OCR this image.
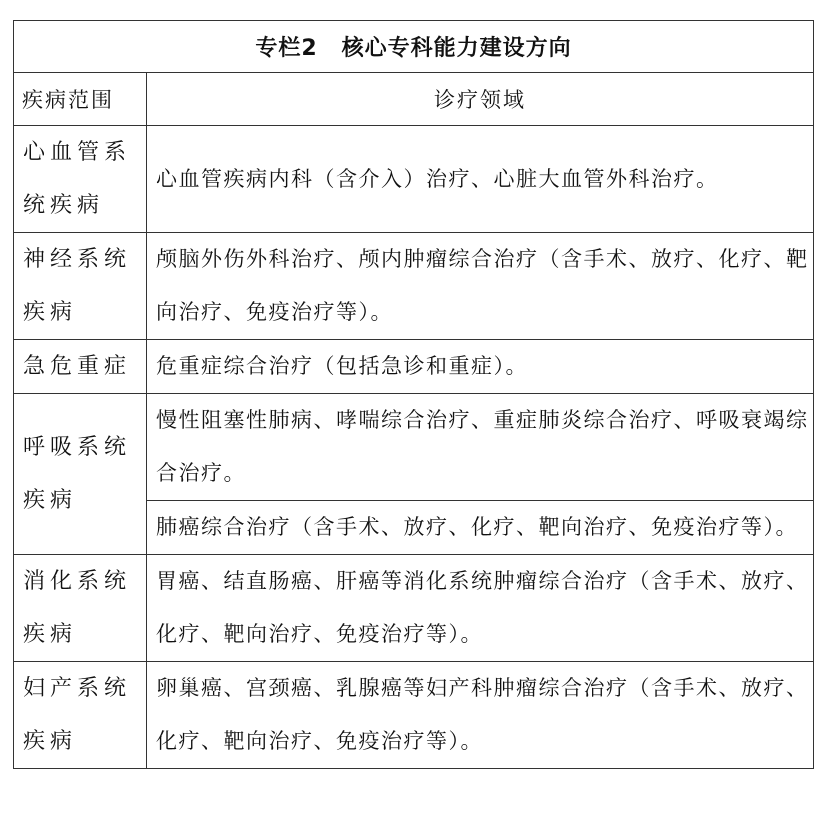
专栏2 核心专科能力建设方向	
疾病范围	诊疗领域
心血管系统疾病	心血管疾病内科（含介入）治疗、心脏大血管外科治疗。
神经系统疾病	颅脑外伤外科治疗、颅内肿瘤综合治疗（含手术、放疗、化疗、靶向治疗、免疫治疗等）。
急危重症	危重症综合治疗（包括急诊和重症）。
呼吸系统疾病	慢性阻塞性肺病、哮喘综合治疗、重症肺炎综合治疗、呼吸衰竭综合治疗。
	肺癌综合治疗（含手术、放疗、化疗、靶向治疗、免疫治疗等）。
消化系统疾病	胃癌、结直肠癌、肝癌等消化系统肿瘤综合治疗（含手术、放疗、化疗、靶向治疗、免疫治疗等）。
妇产系统疾病	卵巢癌、宫颈癌、乳腺癌等妇产科肿瘤综合治疗（含手术、放疗、化疗、靶向治疗、免疫治疗等）。
